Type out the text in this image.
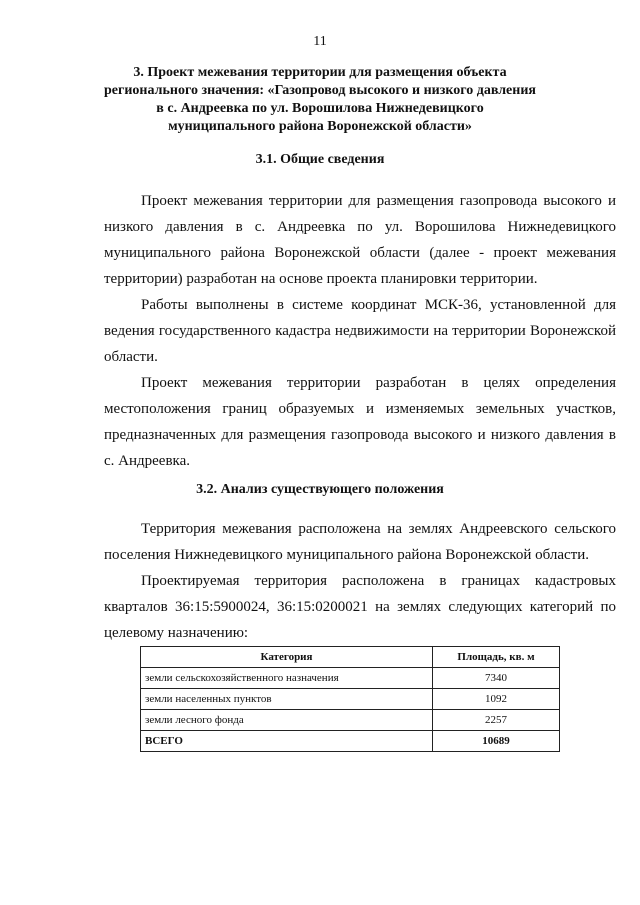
11
3. Проект межевания территории для размещения объекта
регионального значения: «Газопровод высокого и низкого давления
в с. Андреевка по ул. Ворошилова Нижнедевицкого
муниципального района Воронежской области»
3.1. Общие сведения

Проект межевания территории для размещения газопровода высокого и низкого давления в с. Андреевка по ул. Ворошилова Нижнедевицкого муниципального района Воронежской области (далее - проект межевания территории) разработан на основе проекта планировки территории.

Работы выполнены в системе координат МСК-36, установленной для ведения государственного кадастра недвижимости на территории Воронежской области.

Проект межевания территории разработан в целях определения местоположения границ образуемых и изменяемых земельных участков, предназначенных для размещения газопровода высокого и низкого давления в с. Андреевка.

3.2. Анализ существующего положения

Территория межевания расположена на землях Андреевского сельского поселения Нижнедевицкого муниципального района Воронежской области.

Проектируемая территория расположена в границах кадастровых кварталов 36:15:5900024, 36:15:0200021 на землях следующих категорий по целевому назначению:

Категория	Площадь, кв. м
земли сельскохозяйственного назначения	7340
земли населенных пунктов	1092
земли лесного фонда	2257
ВСЕГО	10689
